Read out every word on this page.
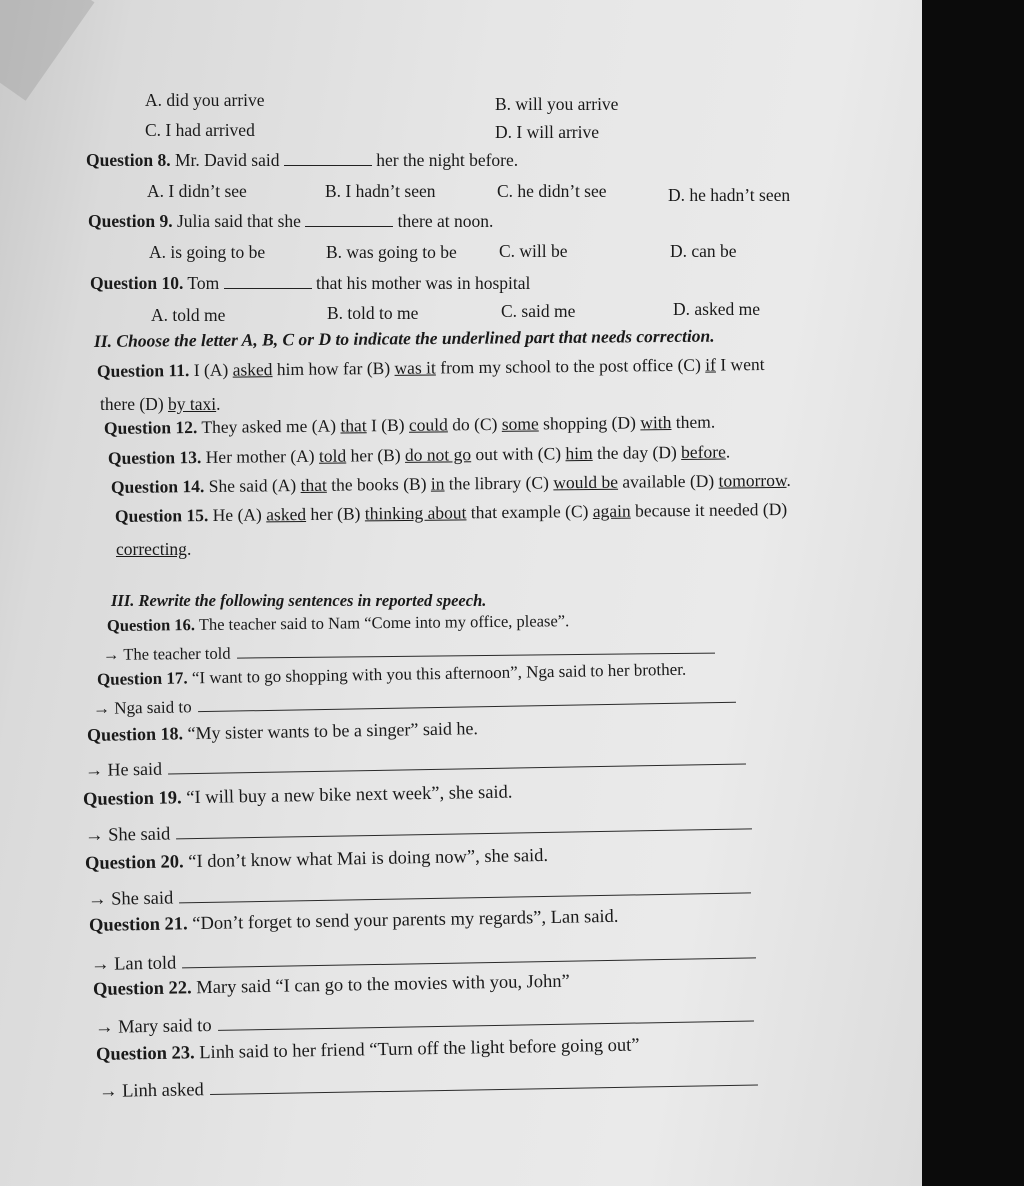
A. did you arrive	B. will you arrive
C. I had arrived	D. I will arrive
Question 8. Mr. David said	her the night before.
A. I didn’t see	B. I hadn’t seen	C. he didn’t see	D. he hadn’t seen
Question 9. Julia said that she	there at noon.
A. is going to be	B. was going to be C. will be	D. can be
Question 10. Tom	that his mother was in hospital
A. told me	B. told to me	C. said me	D. asked me
II. Choose the letter A, B, C or D to indicate the underlined part that needs correction.
Question 11. I (A) asked him how far (B) was it from my school to the post office (C) if I went
there (D) by taxi.
Question 12. They asked me (A) that I (B) could do (C) some shopping (D) with them.
Question 13. Her mother (A) told her (B) do not go out with (C) him the day (D) before.
Question 14. She said (A) that the books (B) in the library (C) would be available (D) tomorrow.
Question 15. He (A) asked her (B) thinking about that example (C) again because it needed (D)
correcting.
III. Rewrite the following sentences in reported speech.
Question 16. The teacher said to Nam “Come into my office, please”.
→ The teacher told
Question 17. “I want to go shopping with you this afternoon”, Nga said to her brother.
→ Nga said to
Question 18. “My sister wants to be a singer” said he.
→ He said
Question 19. “I will buy a new bike next week”, she said.
→ She said
Question 20. “I don’t know what Mai is doing now”, she said.
→ She said
Question 21. “Don’t forget to send your parents my regards”, Lan said.
→ Lan told
Question 22. Mary said “I can go to the movies with you, John”
→ Mary said to
Question 23. Linh said to her friend “Turn off the light before going out”
→ Linh asked
